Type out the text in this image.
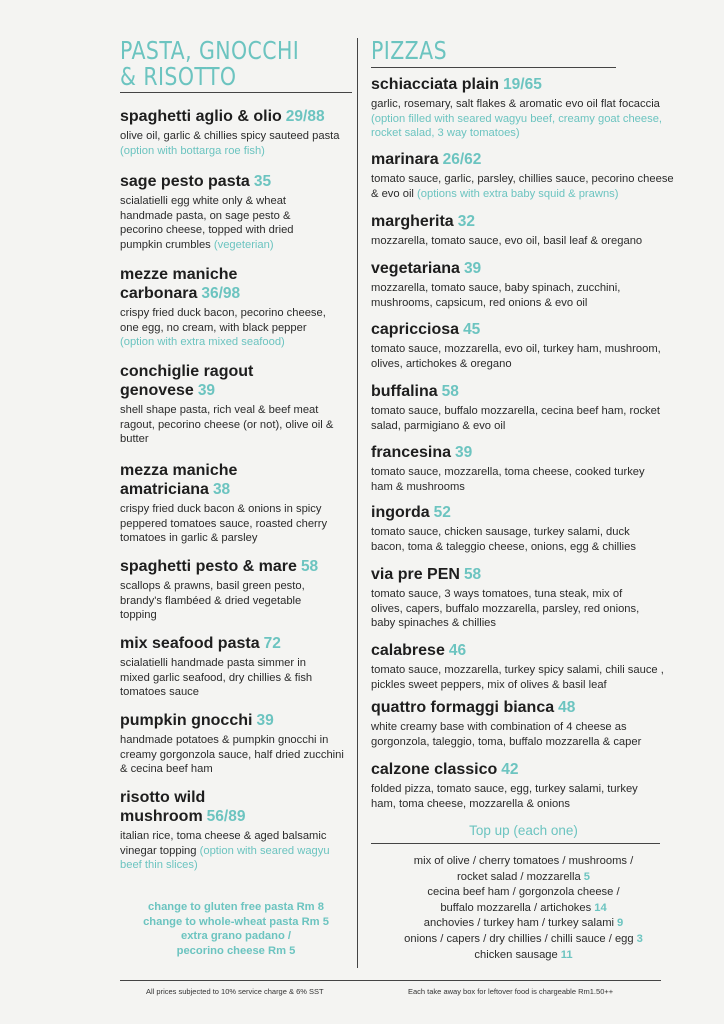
PASTA, GNOCCHI
& RISOTTO
spaghetti aglio & olio 29/88
olive oil, garlic & chillies spicy sauteed pasta (option with bottarga roe fish)
sage pesto pasta 35
scialatielli egg white only & wheat handmade pasta, on sage pesto & pecorino cheese, topped with dried pumpkin crumbles (vegeterian)
mezze maniche
carbonara 36/98
crispy fried duck bacon, pecorino cheese, one egg, no cream, with black pepper (option with extra mixed seafood)
conchiglie ragout
genovese 39
shell shape pasta, rich veal & beef meat ragout, pecorino cheese (or not), olive oil & butter
mezza maniche
amatriciana 38
crispy fried duck bacon & onions in spicy peppered tomatoes sauce, roasted cherry tomatoes in garlic & parsley
spaghetti pesto & mare 58
scallops & prawns, basil green pesto, brandy's flambéed & dried vegetable topping
mix seafood pasta 72
scialatielli handmade pasta simmer in mixed garlic seafood, dry chillies & fish tomatoes sauce
pumpkin gnocchi 39
handmade potatoes & pumpkin gnocchi in creamy gorgonzola sauce, half dried zucchini & cecina beef ham
risotto wild
mushroom 56/89
italian rice, toma cheese & aged balsamic vinegar topping (option with seared wagyu beef thin slices)
change to gluten free pasta Rm 8
change to whole-wheat pasta Rm 5
extra grano padano /
pecorino cheese Rm 5
PIZZAS
schiacciata plain 19/65
garlic, rosemary, salt flakes & aromatic evo oil flat focaccia (option filled with seared wagyu beef, creamy goat cheese, rocket salad, 3 way tomatoes)
marinara 26/62
tomato sauce, garlic, parsley, chillies sauce, pecorino cheese & evo oil (options with extra baby squid & prawns)
margherita 32
mozzarella, tomato sauce, evo oil, basil leaf & oregano
vegetariana 39
mozzarella, tomato sauce, baby spinach, zucchini, mushrooms, capsicum, red onions & evo oil
capricciosa 45
tomato sauce, mozzarella, evo oil, turkey ham, mushroom, olives, artichokes & oregano
buffalina 58
tomato sauce, buffalo mozzarella, cecina beef ham, rocket salad, parmigiano & evo oil
francesina 39
tomato sauce, mozzarella, toma cheese, cooked turkey ham & mushrooms
ingorda 52
tomato sauce, chicken sausage, turkey salami, duck bacon, toma & taleggio cheese, onions, egg & chillies
via pre PEN 58
tomato sauce, 3 ways tomatoes, tuna steak, mix of olives, capers, buffalo mozzarella, parsley, red onions, baby spinaches & chillies
calabrese 46
tomato sauce, mozzarella, turkey spicy salami, chili sauce , pickles sweet peppers, mix of olives & basil leaf
quattro formaggi bianca 48
white creamy base with combination of 4 cheese as gorgonzola, taleggio, toma, buffalo mozzarella & caper
calzone classico 42
folded pizza, tomato sauce, egg, turkey salami, turkey ham, toma cheese, mozzarella & onions
Top up (each one)
mix of olive / cherry tomatoes / mushrooms /
rocket salad / mozzarella 5
cecina beef ham / gorgonzola cheese /
buffalo mozzarella / artichokes 14
anchovies / turkey ham / turkey salami 9
onions / capers / dry chillies / chilli sauce / egg 3
chicken sausage 11
All prices subjected to 10% service charge & 6% SST	Each take away box for leftover food is chargeable Rm1.50++
